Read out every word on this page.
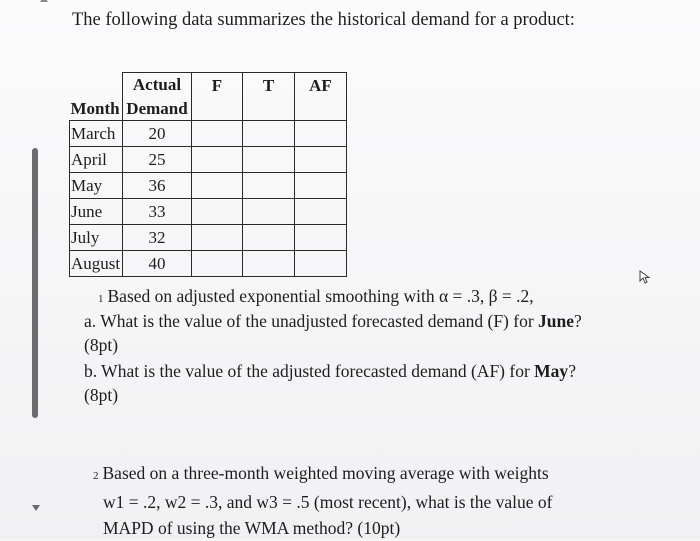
The following data summarizes the historical demand for a product:
	Actual	F	T	AF
Month	Demand			
March	20			
April	25			
May	36			
June	33			
July	32			
August	40			
1 Based on adjusted exponential smoothing with α = .3, β = .2,
a. What is the value of the unadjusted forecasted demand (F) for June?
(8pt)
b. What is the value of the adjusted forecasted demand (AF) for May?
(8pt)
2 Based on a three-month weighted moving average with weights
w1 = .2, w2 = .3, and w3 = .5 (most recent), what is the value of
MAPD of using the WMA method? (10pt)
